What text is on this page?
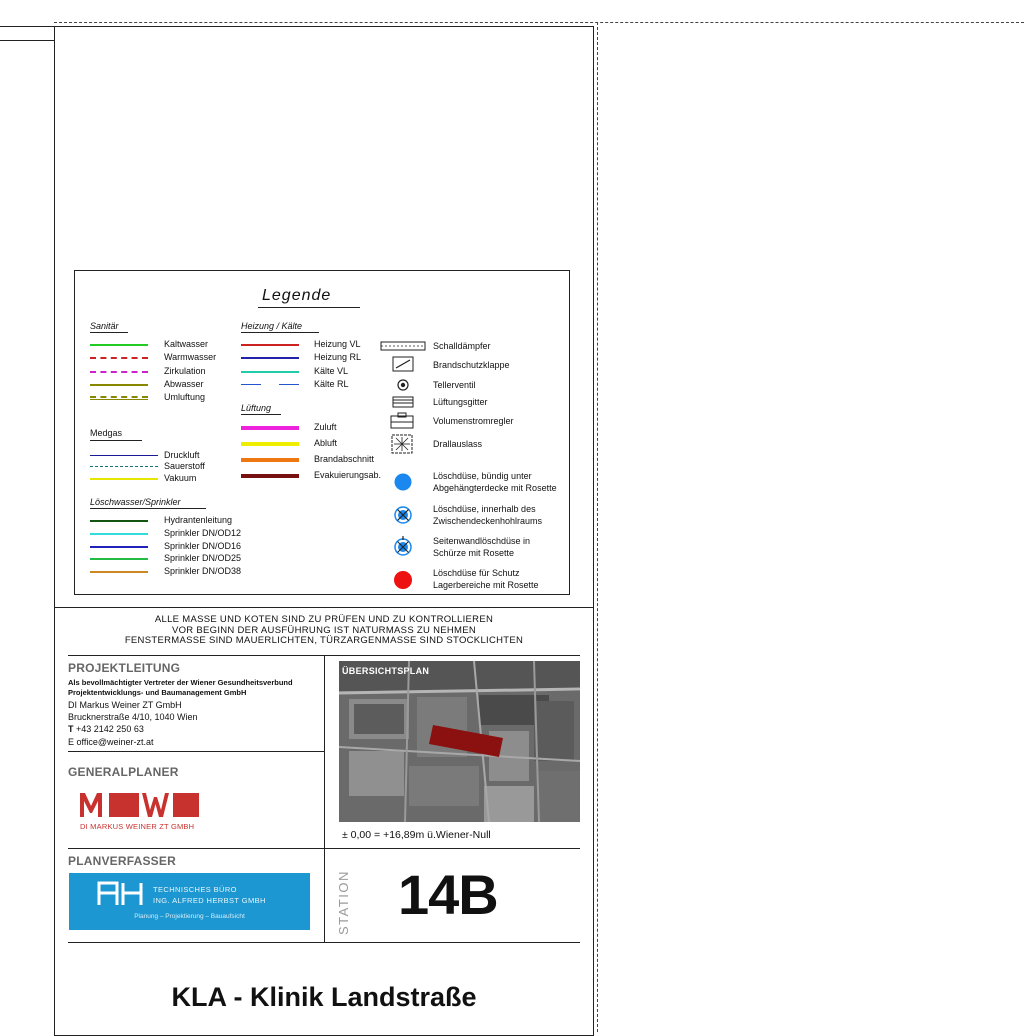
Legende
Sanitär
Kaltwasser
Warmwasser
Zirkulation
Abwasser
Umluftung
Medgas
Druckluft
Sauerstoff
Vakuum
Löschwasser/Sprinkler
Hydrantenleitung
Sprinkler DN/OD12
Sprinkler DN/OD16
Sprinkler DN/OD25
Sprinkler DN/OD38
Heizung / Kälte
Heizung VL
Heizung RL
Kälte VL
Kälte RL
Lüftung
Zuluft
Abluft
Brandabschnitt
Evakuierungsab.
Schalldämpfer
Brandschutzklappe
Tellerventil
Lüftungsgitter
Volumenstromregler
Drallauslass
Löschdüse, bündig unter
Abgehängterdecke mit Rosette
Löschdüse, innerhalb des
Zwischendeckenhohlraums
Seitenwandlöschdüse in
Schürze mit Rosette
Löschdüse für Schutz
Lagerbereiche mit Rosette
ALLE MASSE UND KOTEN SIND ZU PRÜFEN UND ZU KONTROLLIEREN
VOR BEGINN DER AUSFÜHRUNG IST NATURMASS ZU NEHMEN
FENSTERMASSE SIND MAUERLICHTEN, TÜRZARGENMASSE SIND STOCKLICHTEN
PROJEKTLEITUNG
Als bevollmächtigter Vertreter der Wiener Gesundheitsverbund
Projektentwicklungs- und Baumanagement GmbH
DI Markus Weiner ZT GmbH
Brucknerstraße 4/10, 1040 Wien
T +43 2142 250 63
E office@weiner-zt.at
ÜBERSICHTSPLAN
± 0,00 = +16,89m ü.Wiener-Null
GENERALPLANER
DI MARKUS WEINER ZT GMBH
PLANVERFASSER
TECHNISCHES BÜRO
ING. ALFRED HERBST GMBH
Planung – Projektierung – Bauaufsicht	STATION 14B
KLA - Klinik Landstraße
